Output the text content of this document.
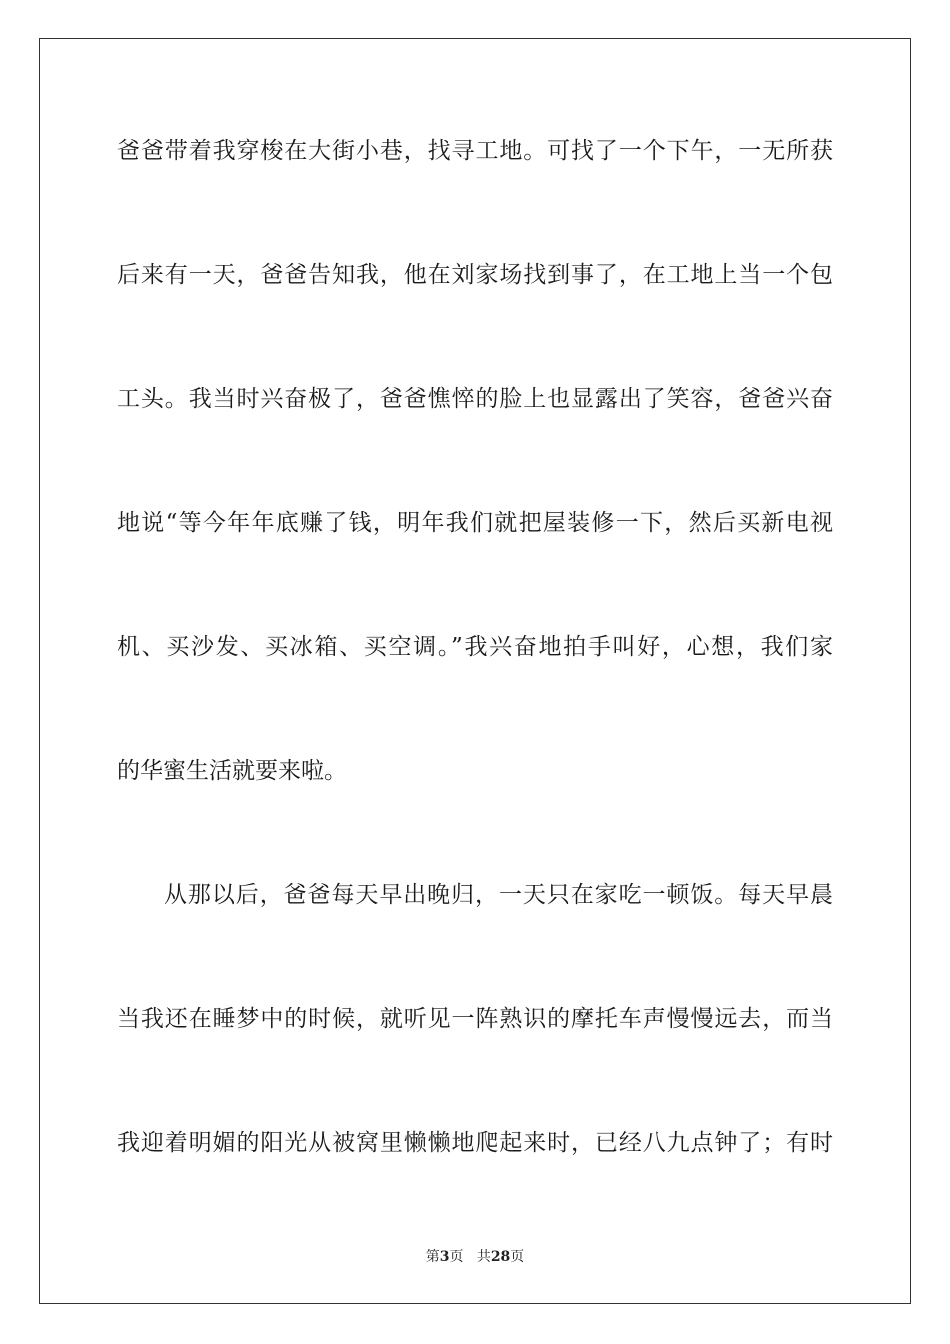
爸爸带着我穿梭在大街小巷，找寻工地。可找了一个下午，一无所获
后来有一天，爸爸告知我，他在刘家场找到事了，在工地上当一个包
工头。我当时兴奋极了，爸爸憔悴的脸上也显露出了笑容，爸爸兴奋
地说“等今年年底赚了钱，明年我们就把屋装修一下，然后买新电视
机、买沙发、买冰箱、买空调。”我兴奋地拍手叫好，心想，我们家
的华蜜生活就要来啦。
从那以后，爸爸每天早出晚归，一天只在家吃一顿饭。每天早晨
当我还在睡梦中的时候，就听见一阵熟识的摩托车声慢慢远去，而当
我迎着明媚的阳光从被窝里懒懒地爬起来时，已经八九点钟了；有时
第3页 共28页
